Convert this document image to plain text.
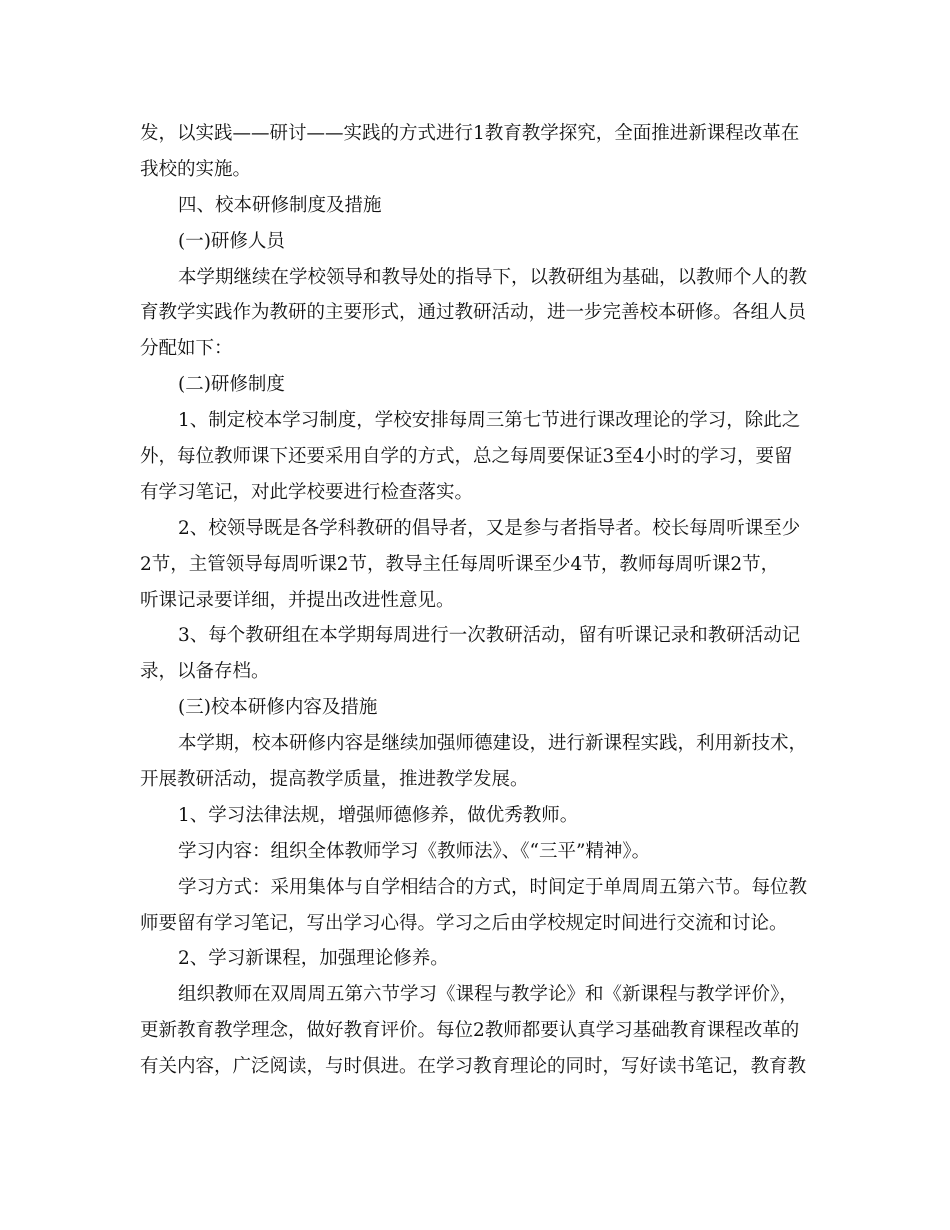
发，以实践——研讨——实践的方式进行1教育教学探究，全面推进新课程改革在
我校的实施。
四、校本研修制度及措施
(一)研修人员
本学期继续在学校领导和教导处的指导下，以教研组为基础，以教师个人的教
育教学实践作为教研的主要形式，通过教研活动，进一步完善校本研修。各组人员
分配如下：
(二)研修制度
1、制定校本学习制度，学校安排每周三第七节进行课改理论的学习，除此之
外，每位教师课下还要采用自学的方式，总之每周要保证3至4小时的学习，要留
有学习笔记，对此学校要进行检查落实。
2、校领导既是各学科教研的倡导者，又是参与者指导者。校长每周听课至少
2节，主管领导每周听课2节，教导主任每周听课至少4节，教师每周听课2节，
听课记录要详细，并提出改进性意见。
3、每个教研组在本学期每周进行一次教研活动，留有听课记录和教研活动记
录，以备存档。
(三)校本研修内容及措施
本学期，校本研修内容是继续加强师德建设，进行新课程实践，利用新技术，
开展教研活动，提高教学质量，推进教学发展。
1、学习法律法规，增强师德修养，做优秀教师。
学习内容：组织全体教师学习《教师法》、《“三平”精神》。
学习方式：采用集体与自学相结合的方式，时间定于单周周五第六节。每位教
师要留有学习笔记，写出学习心得。学习之后由学校规定时间进行交流和讨论。
2、学习新课程，加强理论修养。
组织教师在双周周五第六节学习《课程与教学论》和《新课程与教学评价》，
更新教育教学理念，做好教育评价。每位2教师都要认真学习基础教育课程改革的
有关内容，广泛阅读，与时俱进。在学习教育理论的同时，写好读书笔记，教育教
